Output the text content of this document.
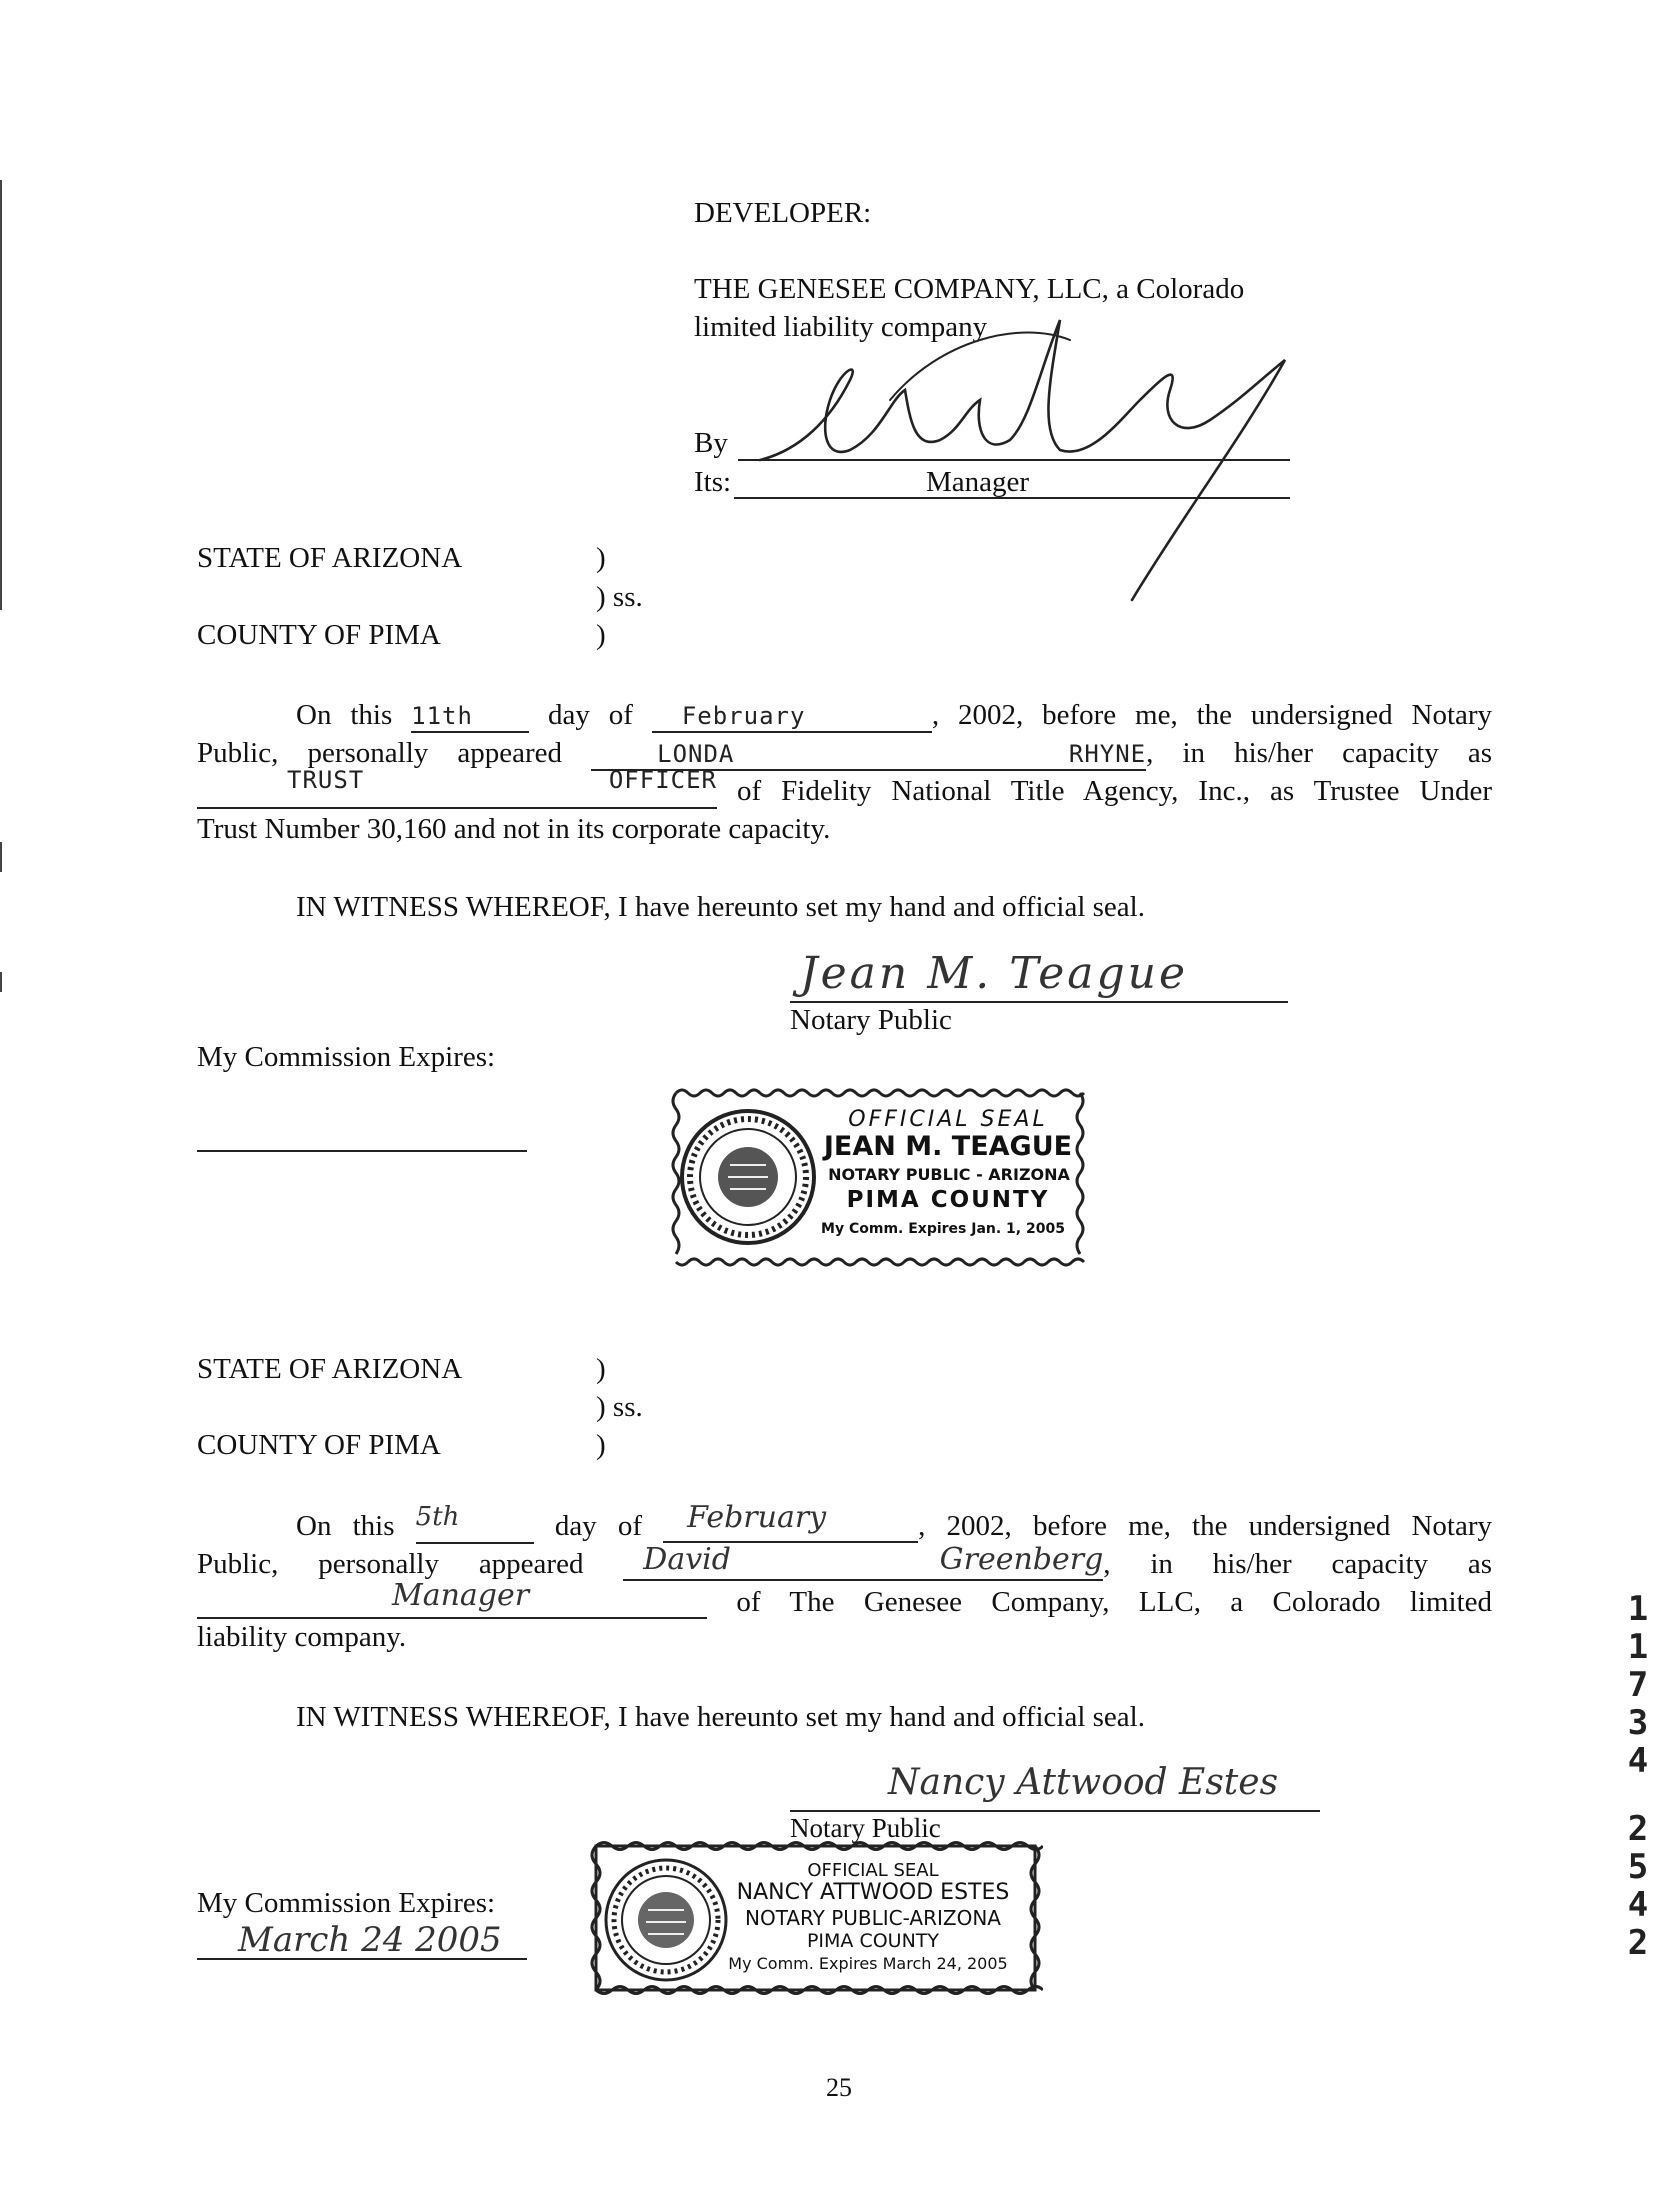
DEVELOPER:
THE GENESEE COMPANY, LLC, a Colorado
limited liability company
By
Its:	Manager
STATE OF ARIZONA	)
) ss.
COUNTY OF PIMA	)
On this 11th	day of February	, 2002, before me, the undersigned Notary
Public, personally appeared	LONDA RHYNE, in his/her capacity as
$^{TRUST OFFICER}$ of Fidelity National Title Agency, Inc., as Trustee Under
Trust Number 30,160 and not in its corporate capacity.
IN WITNESS WHEREOF, I have hereunto set my hand and official seal.
Jean M. Teague
Notary Public
My Commission Expires:
OFFICIAL SEAL
JEAN M. TEAGUE
NOTARY PUBLIC - ARIZONA
PIMA COUNTY
My Comm. Expires Jan. 1, 2005
STATE OF ARIZONA	)
) ss.
COUNTY OF PIMA	)
On this 5th	day of February	, 2002, before me, the undersigned Notary
Public, personally appeared David Greenberg, in his/her capacity as
Manager	of The Genesee Company, LLC, a Colorado limited
liability company.
IN WITNESS WHEREOF, I have hereunto set my hand and official seal.
Nancy Attwood Estes
Notary Public
My Commission Expires:
March 24 2005
OFFICIAL SEAL
NANCY ATTWOOD ESTES
NOTARY PUBLIC-ARIZONA
PIMA COUNTY
My Comm. Expires March 24, 2005
1
1
7
3
4
2
5
4
2
25
